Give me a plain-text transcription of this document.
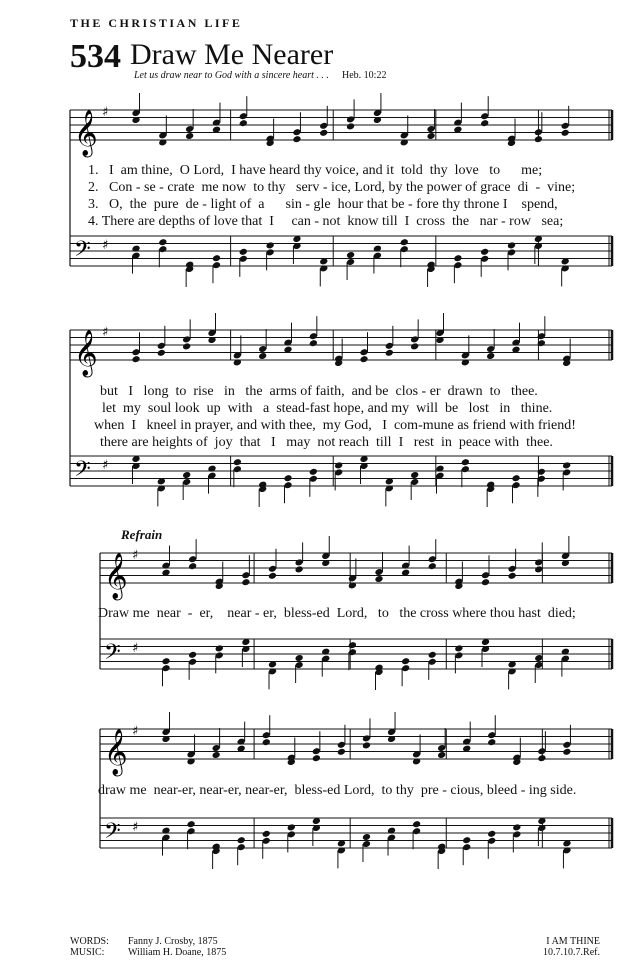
THE CHRISTIAN LIFE
534 Draw Me Nearer
Let us draw near to God with a sincere heart . . . Heb. 10:22
𝄞 ♯
𝄢 ♯
𝄞 ♯
𝄢 ♯
𝄞 ♯
𝄢 ♯
𝄞 ♯
𝄢 ♯
1.   I  am thine,  O Lord,  I have heard thy voice, and it  told  thy  love   to      me;
2.   Con - se - crate  me now  to thy   serv - ice, Lord, by the power of grace  di  -  vine;
3.   O,  the  pure  de - light of  a      sin - gle  hour that be - fore thy throne I    spend,
4. There are depths of love that  I     can - not  know till  I  cross  the   nar - row   sea;
but   I   long  to  rise   in   the  arms of faith,  and be  clos - er  drawn  to   thee.
let  my  soul look  up  with   a  stead-fast hope, and my  will  be   lost   in   thine.
when  I   kneel in prayer, and with thee,  my God,   I  com-mune as friend with friend!
there are heights of  joy  that   I   may  not reach  till  I   rest  in  peace with  thee.
Refrain
Draw me  near  -  er,    near - er,  bless-ed  Lord,   to   the cross where thou hast  died;
draw me  near-er, near-er, near-er,  bless-ed Lord,  to thy  pre - cious, bleed - ing side.
WORDS: Fanny J. Crosby, 1875
MUSIC: William H. Doane, 1875
I AM THINE
10.7.10.7.Ref.
